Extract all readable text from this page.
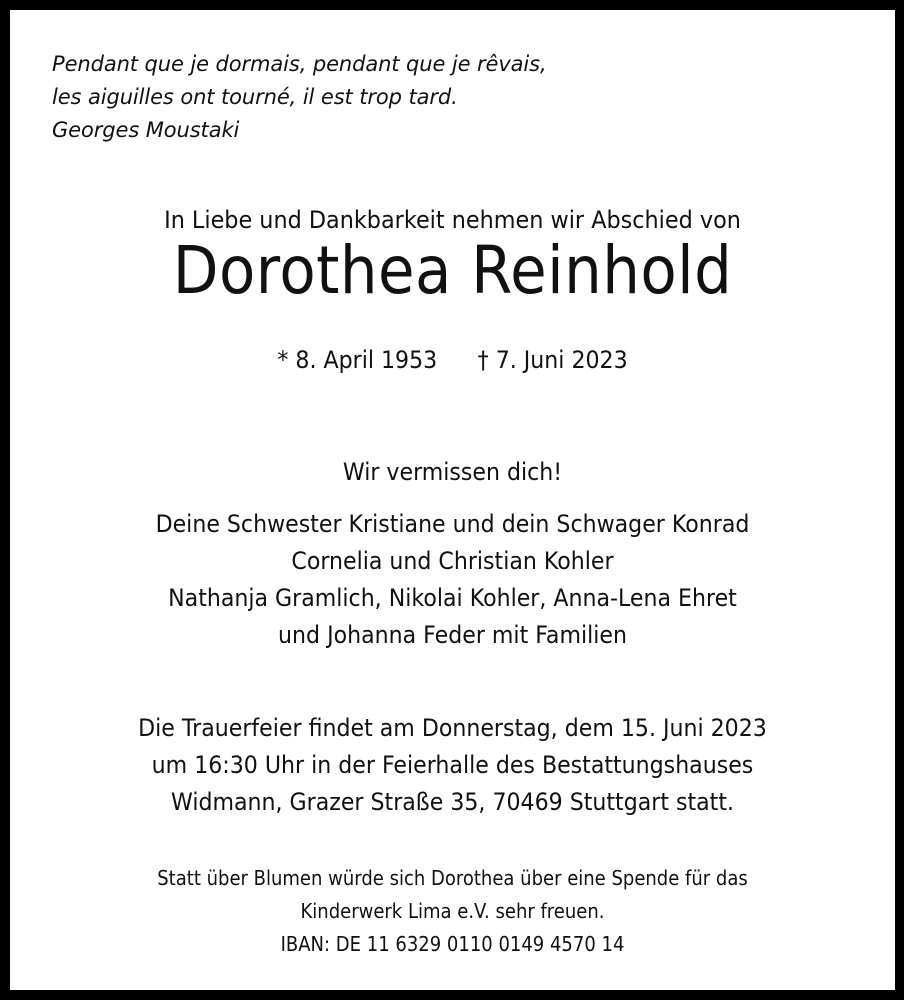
Pendant que je dormais, pendant que je rêvais,
les aiguilles ont tourné, il est trop tard.
Georges Moustaki
In Liebe und Dankbarkeit nehmen wir Abschied von
Dorothea Reinhold
* 8. April 1953 † 7. Juni 2023
Wir vermissen dich!
Deine Schwester Kristiane und dein Schwager Konrad
Cornelia und Christian Kohler
Nathanja Gramlich, Nikolai Kohler, Anna-Lena Ehret
und Johanna Feder mit Familien
Die Trauerfeier findet am Donnerstag, dem 15. Juni 2023
um 16:30 Uhr in der Feierhalle des Bestattungshauses
Widmann, Grazer Straße 35, 70469 Stuttgart statt.
Statt über Blumen würde sich Dorothea über eine Spende für das
Kinderwerk Lima e.V. sehr freuen.
IBAN: DE 11 6329 0110 0149 4570 14
